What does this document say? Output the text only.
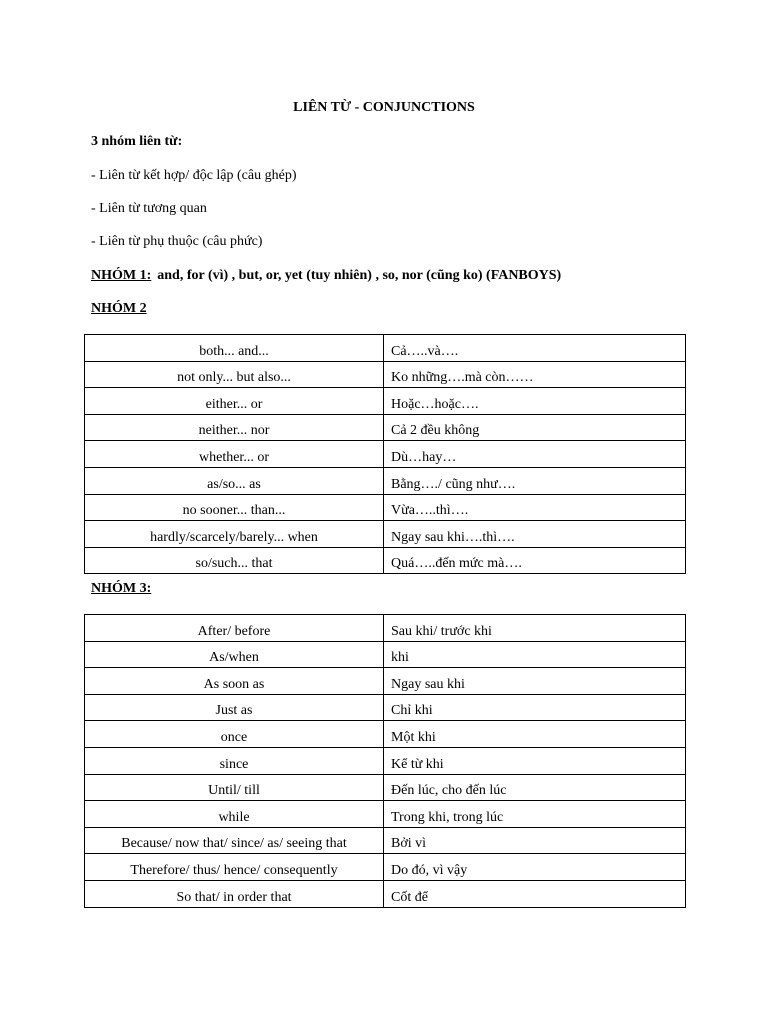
LIÊN TỪ - CONJUNCTIONS
3 nhóm liên từ:
- Liên từ kết hợp/ độc lập (câu ghép)
- Liên từ tương quan
- Liên từ phụ thuộc (câu phức)
NHÓM 1: and, for (vì) , but, or, yet (tuy nhiên) , so, nor (cũng ko) (FANBOYS)
NHÓM 2
both... and...	Cả…..và….
not only... but also...	Ko những….mà còn……
either... or	Hoặc…hoặc….
neither... nor	Cả 2 đều không
whether... or	Dù…hay…
as/so... as	Bằng…./ cũng như….
no sooner... than...	Vừa…..thì….
hardly/scarcely/barely... when	Ngay sau khi….thì….
so/such... that	Quá…..đến mức mà….
NHÓM 3:
After/ before	Sau khi/ trước khi
As/when	khi
As soon as	Ngay sau khi
Just as	Chỉ khi
once	Một khi
since	Kể từ khi
Until/ till	Đến lúc, cho đến lúc
while	Trong khi, trong lúc
Because/ now that/ since/ as/ seeing that	Bởi vì
Therefore/ thus/ hence/ consequently	Do đó, vì vậy
So that/ in order that	Cốt để
